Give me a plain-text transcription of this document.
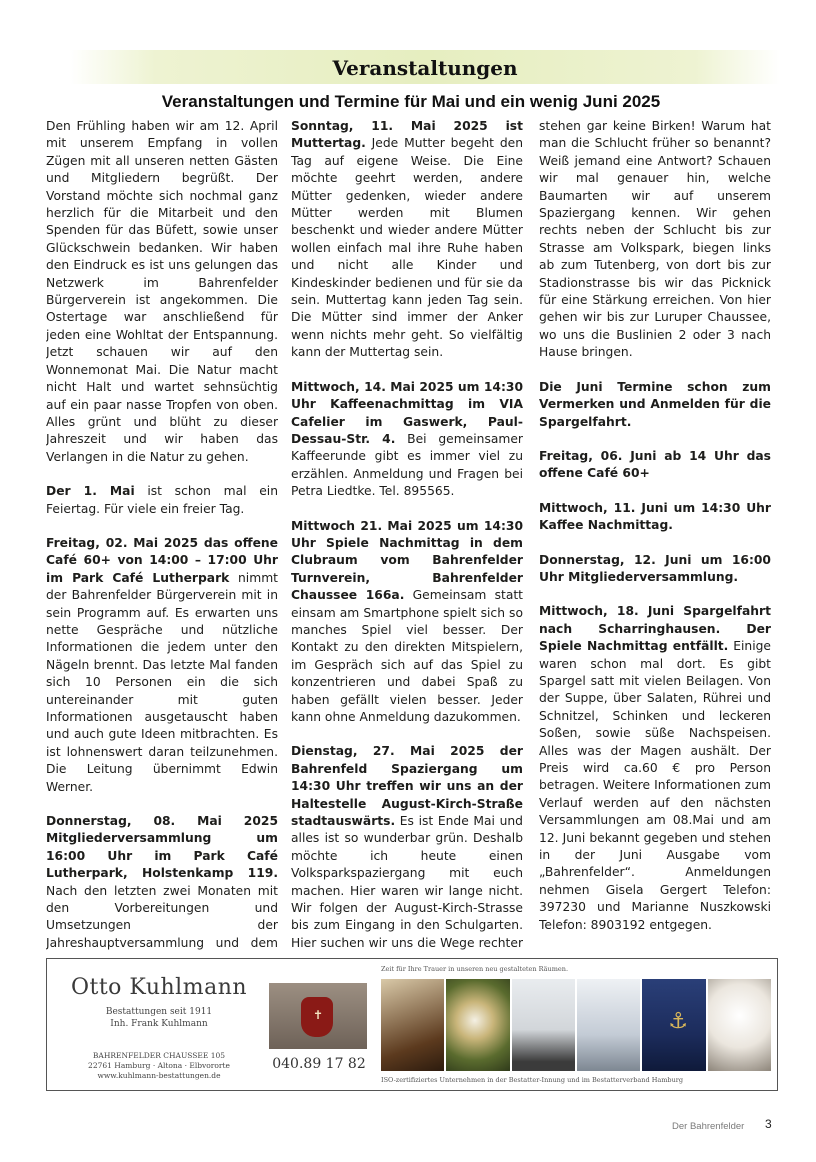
Veranstaltungen
Veranstaltungen und Termine für Mai und ein wenig Juni 2025

Den Frühling haben wir am 12. April mit unserem Empfang in vollen Zügen mit all unseren netten Gästen und Mitgliedern begrüßt. Der Vorstand möchte sich nochmal ganz herzlich für die Mitarbeit und den Spenden für das Büfett, sowie unser Glückschwein bedanken. Wir haben den Eindruck es ist uns gelungen das Netzwerk im Bahrenfelder Bürgerverein ist angekommen. Die Ostertage war anschließend für jeden eine Wohltat der Entspannung. Jetzt schauen wir auf den Wonnemonat Mai. Die Natur macht nicht Halt und wartet sehnsüchtig auf ein paar nasse Tropfen von oben. Alles grünt und blüht zu dieser Jahreszeit und wir haben das Verlangen in die Natur zu gehen.

Der 1. Mai ist schon mal ein Feiertag. Für viele ein freier Tag.

Freitag, 02. Mai 2025 das offene Café 60+ von 14:00 – 17:00 Uhr im Park Café Lutherpark nimmt der Bahrenfelder Bürgerverein mit in sein Programm auf. Es erwarten uns nette Gespräche und nützliche Informationen die jedem unter den Nägeln brennt. Das letzte Mal fanden sich 10 Personen ein die sich untereinander mit guten Informationen ausgetauscht haben und auch gute Ideen mitbrachten. Es ist lohnenswert daran teilzunehmen. Die Leitung übernimmt Edwin Werner.

Donnerstag, 08. Mai 2025 Mitgliederversammlung um 16:00 Uhr im Park Café Lutherpark, Holstenkamp 119. Nach den letzten zwei Monaten mit den Vorbereitungen und Umsetzungen der Jahreshauptversammlung und dem

Sonntag, 11. Mai 2025 ist Muttertag. Jede Mutter begeht den Tag auf eigene Weise. Die Eine möchte geehrt werden, andere Mütter gedenken, wieder andere Mütter werden mit Blumen beschenkt und wieder andere Mütter wollen einfach mal ihre Ruhe haben und nicht alle Kinder und Kindeskinder bedienen und für sie da sein. Muttertag kann jeden Tag sein. Die Mütter sind immer der Anker wenn nichts mehr geht. So vielfältig kann der Muttertag sein.

Mittwoch, 14. Mai 2025 um 14:30 Uhr Kaffeenachmittag im VIA Cafelier im Gaswerk, Paul-Dessau-Str. 4. Bei gemeinsamer Kaffeerunde gibt es immer viel zu erzählen. Anmeldung und Fragen bei Petra Liedtke. Tel. 895565.

Mittwoch 21. Mai 2025 um 14:30 Uhr Spiele Nachmittag in dem Clubraum vom Bahrenfelder Turnverein, Bahrenfelder Chaussee 166a. Gemeinsam statt einsam am Smartphone spielt sich so manches Spiel viel besser. Der Kontakt zu den direkten Mitspielern, im Gespräch sich auf das Spiel zu konzentrieren und dabei Spaß zu haben gefällt vielen besser. Jeder kann ohne Anmeldung dazukommen.

Dienstag, 27. Mai 2025 der Bahrenfeld Spaziergang um 14:30 Uhr treffen wir uns an der Haltestelle August-Kirch-Straße stadtauswärts. Es ist Ende Mai und alles ist so wunderbar grün. Deshalb möchte ich heute einen Volksparkspaziergang mit euch machen. Hier waren wir lange nicht. Wir folgen der August-Kirch-Strasse bis zum Eingang in den Schulgarten. Hier suchen wir uns die Wege rechter

stehen gar keine Birken! Warum hat man die Schlucht früher so benannt? Weiß jemand eine Antwort? Schauen wir mal genauer hin, welche Baumarten wir auf unserem Spaziergang kennen. Wir gehen rechts neben der Schlucht bis zur Strasse am Volkspark, biegen links ab zum Tutenberg, von dort bis zur Stadionstrasse bis wir das Picknick für eine Stärkung erreichen. Von hier gehen wir bis zur Luruper Chaussee, wo uns die Buslinien 2 oder 3 nach Hause bringen.

Die Juni Termine schon zum Vermerken und Anmelden für die Spargelfahrt.

Freitag, 06. Juni ab 14 Uhr das offene Café 60+

Mittwoch, 11. Juni um 14:30 Uhr Kaffee Nachmittag.

Donnerstag, 12. Juni um 16:00 Uhr Mitgliederversammlung.

Mittwoch, 18. Juni Spargelfahrt nach Scharringhausen. Der Spiele Nachmittag entfällt. Einige waren schon mal dort. Es gibt Spargel satt mit vielen Beilagen. Von der Suppe, über Salaten, Rührei und Schnitzel, Schinken und leckeren Soßen, sowie süße Nachspeisen. Alles was der Magen aushält. Der Preis wird ca.60 € pro Person betragen. Weitere Informationen zum Verlauf werden auf den nächsten Versammlungen am 08.Mai und am 12. Juni bekannt gegeben und stehen in der Juni Ausgabe vom „Bahrenfelder“. Anmeldungen nehmen Gisela Gergert Telefon: 397230 und Marianne Nuszkowski Telefon: 8903192 entgegen.

Otto Kuhlmann
Bestattungen seit 1911
Inh. Frank Kuhlmann
BAHRENFELDER CHAUSSEE 105
22761 Hamburg · Altona · Elbvororte
www.kuhlmann-bestattungen.de
✝
040.89 17 82
Zeit für Ihre Trauer in unseren neu gestalteten Räumen.
⚓
ISO-zertifiziertes Unternehmen in der Bestatter-Innung und im Bestatterverband Hamburg
Der Bahrenfelder 3
